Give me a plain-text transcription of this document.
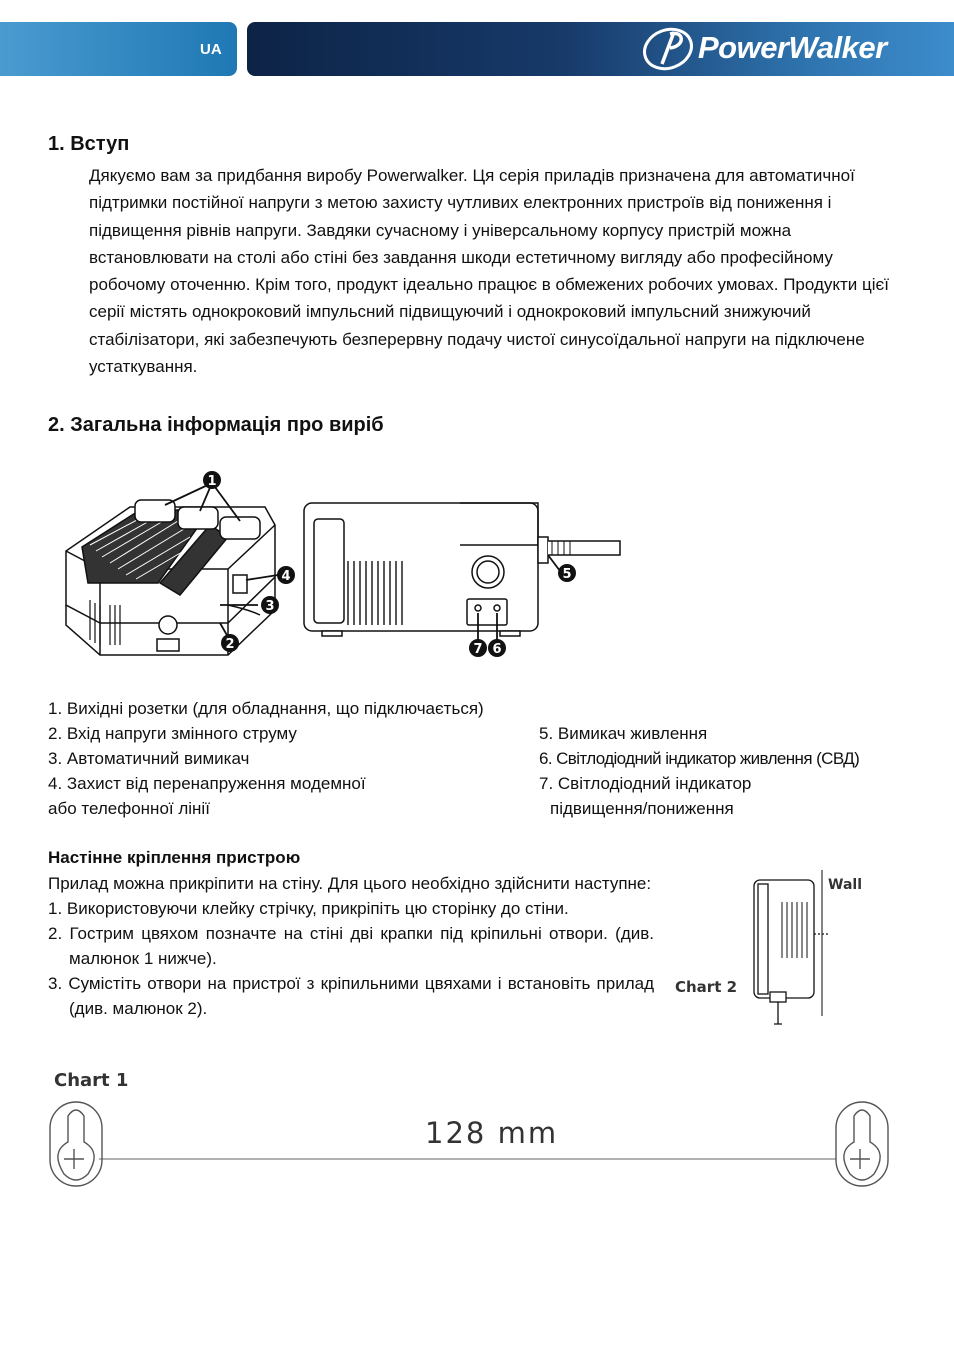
UA	PowerWalker
1. Вступ

Дякуємо вам за придбання виробу Powerwalker. Ця серія приладів призначена для автоматичної підтримки постійної напруги з метою захисту чутливих електронних пристроїв від пониження і підвищення рівнів напруги. Завдяки сучасному і універсальному корпусу пристрій можна встановлювати на столі або стіні без завдання шкоди естетичному вигляду або професійному робочому оточенню. Крім того, продукт ідеально працює в обмежених робочих умовах. Продукти цієї серії містять однокроковий імпульсний підвищуючий і однокроковий імпульсний знижуючий стабілізатори, які забезпечують безперервну подачу чистої синусоїдальної напруги на підключене устаткування.

2. Загальна інформація про виріб
1
2
3
4	5
6
7
1. Вихідні розетки (для обладнання, що підключається)
2. Вхід напруги змінного струму
3. Автоматичний вимикач
4. Захист від перенапруження модемної
або телефонної лінії
5. Вимикач живлення
6. Світлодіодний індикатор живлення (СВД)
7. Світлодіодний індикатор
підвищення/пониження
Настінне кріплення пристрою

Прилад можна прикріпити на стіну. Для цього необхідно здійснити наступне:

1. Використовуючи клейку стрічку, прикріпіть цю сторінку до стіни.

2. Гострим цвяхом позначте на стіні дві крапки під кріпильні отвори. (див. малюнок 1 нижче).

3. Сумістіть отвори на пристрої з кріпильними цвяхами і встановіть прилад (див. малюнок 2).

Chart 2
Wall
Chart 1
128 mm
